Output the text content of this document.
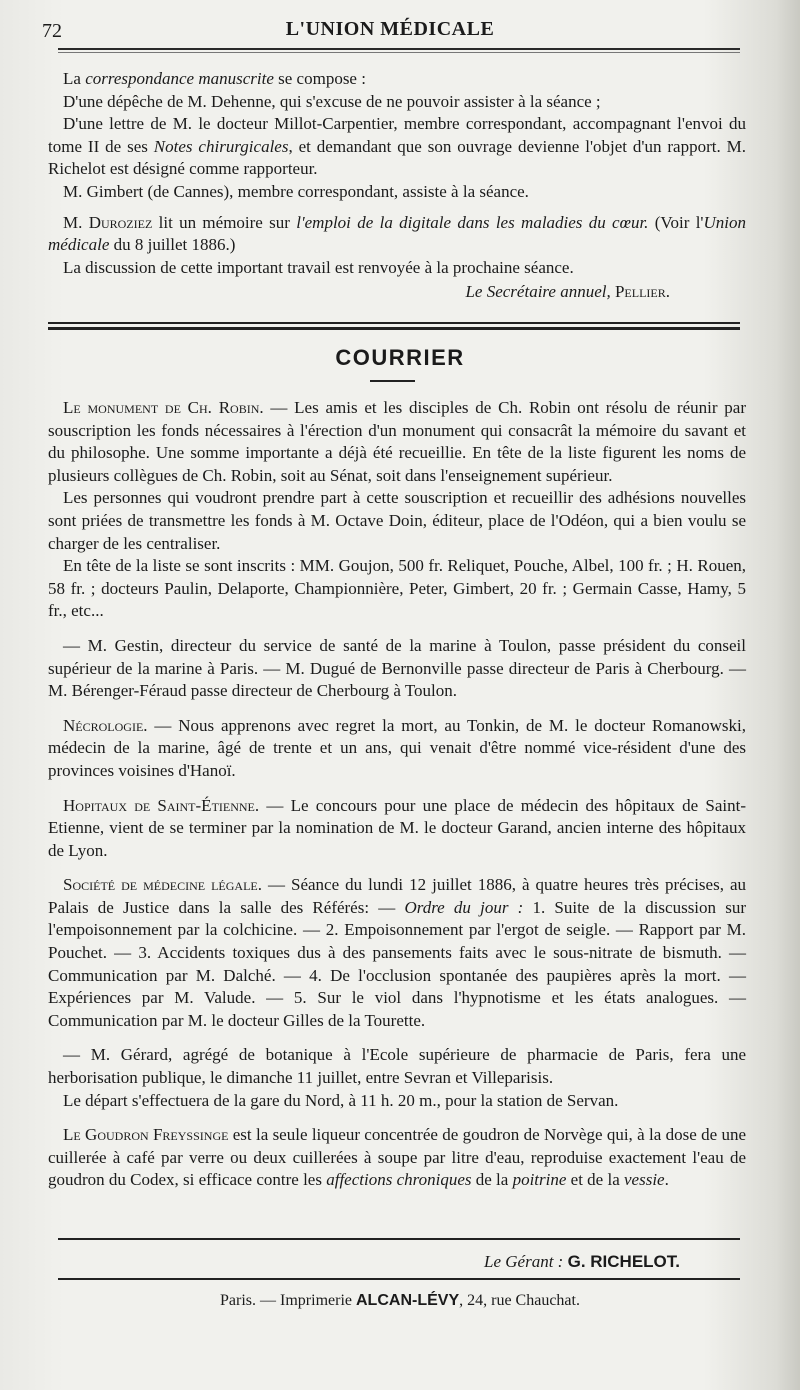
72	L'UNION MÉDICALE

La correspondance manuscrite se compose :

D'une dépêche de M. Dehenne, qui s'excuse de ne pouvoir assister à la séance ;

D'une lettre de M. le docteur Millot-Carpentier, membre correspondant, accompagnant l'envoi du tome II de ses Notes chirurgicales, et demandant que son ouvrage devienne l'objet d'un rapport. M. Richelot est désigné comme rapporteur.

M. Gimbert (de Cannes), membre correspondant, assiste à la séance.

M. Duroziez lit un mémoire sur l'emploi de la digitale dans les maladies du cœur. (Voir l'Union médicale du 8 juillet 1886.)

La discussion de cette important travail est renvoyée à la prochaine séance.

Le Secrétaire annuel, Pellier.
COURRIER

Le monument de Ch. Robin. — Les amis et les disciples de Ch. Robin ont résolu de réunir par souscription les fonds nécessaires à l'érection d'un monument qui consacrât la mémoire du savant et du philosophe. Une somme importante a déjà été recueillie. En tête de la liste figurent les noms de plusieurs collègues de Ch. Robin, soit au Sénat, soit dans l'enseignement supérieur.

Les personnes qui voudront prendre part à cette souscription et recueillir des adhésions nouvelles sont priées de transmettre les fonds à M. Octave Doin, éditeur, place de l'Odéon, qui a bien voulu se charger de les centraliser.

En tête de la liste se sont inscrits : MM. Goujon, 500 fr. Reliquet, Pouche, Albel, 100 fr. ; H. Rouen, 58 fr. ; docteurs Paulin, Delaporte, Championnière, Peter, Gimbert, 20 fr. ; Germain Casse, Hamy, 5 fr., etc...

— M. Gestin, directeur du service de santé de la marine à Toulon, passe président du conseil supérieur de la marine à Paris. — M. Dugué de Bernonville passe directeur de Paris à Cherbourg. — M. Bérenger-Féraud passe directeur de Cherbourg à Toulon.

Nécrologie. — Nous apprenons avec regret la mort, au Tonkin, de M. le docteur Romanowski, médecin de la marine, âgé de trente et un ans, qui venait d'être nommé vice-résident d'une des provinces voisines d'Hanoï.

Hopitaux de Saint-Étienne. — Le concours pour une place de médecin des hôpitaux de Saint-Etienne, vient de se terminer par la nomination de M. le docteur Garand, ancien interne des hôpitaux de Lyon.

Société de médecine légale. — Séance du lundi 12 juillet 1886, à quatre heures très précises, au Palais de Justice dans la salle des Référés: — Ordre du jour : 1. Suite de la discussion sur l'empoisonnement par la colchicine. — 2. Empoisonnement par l'ergot de seigle. — Rapport par M. Pouchet. — 3. Accidents toxiques dus à des pansements faits avec le sous-nitrate de bismuth. — Communication par M. Dalché. — 4. De l'occlusion spontanée des paupières après la mort. — Expériences par M. Valude. — 5. Sur le viol dans l'hypnotisme et les états analogues. — Communication par M. le docteur Gilles de la Tourette.

— M. Gérard, agrégé de botanique à l'Ecole supérieure de pharmacie de Paris, fera une herborisation publique, le dimanche 11 juillet, entre Sevran et Villeparisis.

Le départ s'effectuera de la gare du Nord, à 11 h. 20 m., pour la station de Servan.

Le Goudron Freyssinge est la seule liqueur concentrée de goudron de Norvège qui, à la dose de une cuillerée à café par verre ou deux cuillerées à soupe par litre d'eau, reproduise exactement l'eau de goudron du Codex, si efficace contre les affections chroniques de la poitrine et de la vessie.

Le Gérant : G. RICHELOT.
Paris. — Imprimerie ALCAN-LÉVY, 24, rue Chauchat.
